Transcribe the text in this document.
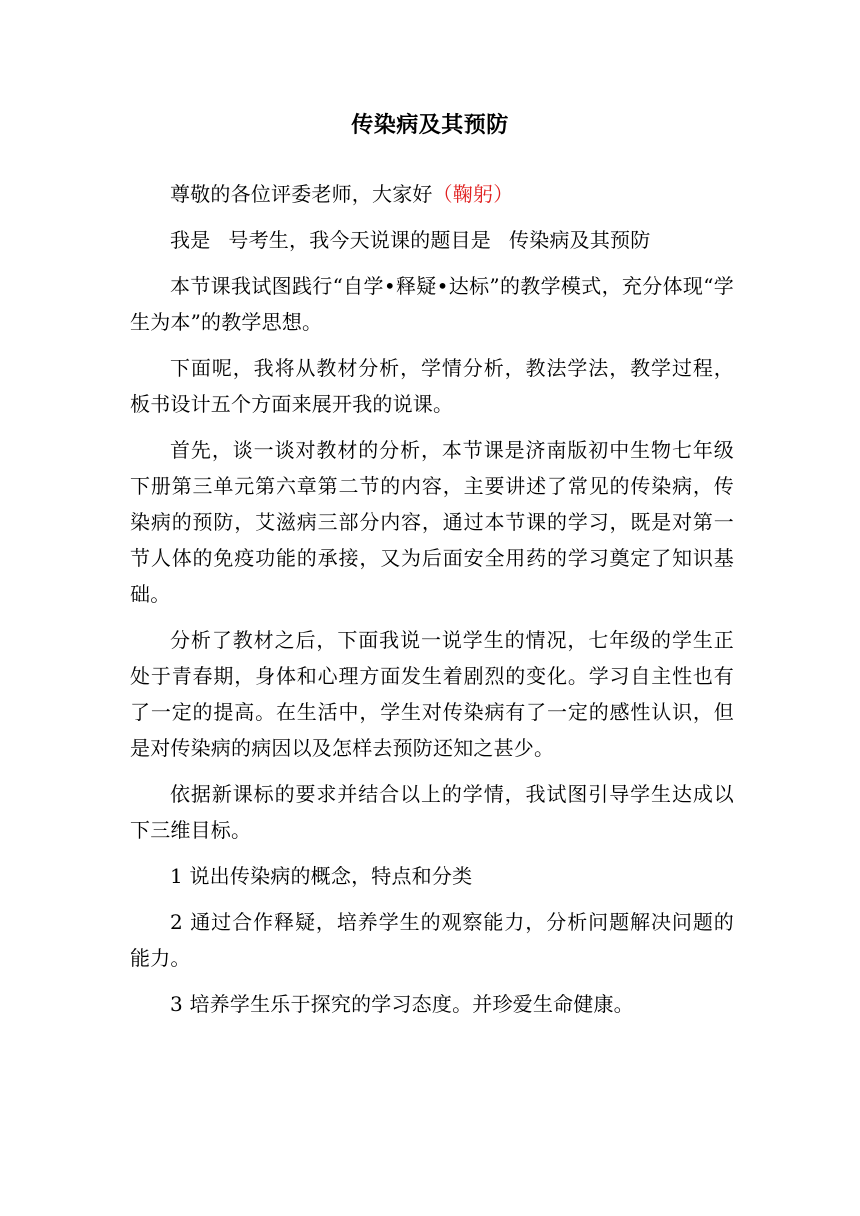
传染病及其预防

尊敬的各位评委老师，大家好（鞠躬）

我是 号考生，我今天说课的题目是 传染病及其预防

本节课我试图践行“自学•释疑•达标”的教学模式，充分体现“学生为本”的教学思想。

下面呢，我将从教材分析，学情分析，教法学法，教学过程，板书设计五个方面来展开我的说课。

首先，谈一谈对教材的分析，本节课是济南版初中生物七年级下册第三单元第六章第二节的内容，主要讲述了常见的传染病，传染病的预防，艾滋病三部分内容，通过本节课的学习，既是对第一节人体的免疫功能的承接，又为后面安全用药的学习奠定了知识基础。

分析了教材之后，下面我说一说学生的情况，七年级的学生正处于青春期，身体和心理方面发生着剧烈的变化。学习自主性也有了一定的提高。在生活中，学生对传染病有了一定的感性认识，但是对传染病的病因以及怎样去预防还知之甚少。

依据新课标的要求并结合以上的学情，我试图引导学生达成以下三维目标。

1 说出传染病的概念，特点和分类

2 通过合作释疑，培养学生的观察能力，分析问题解决问题的能力。

3 培养学生乐于探究的学习态度。并珍爱生命健康。
